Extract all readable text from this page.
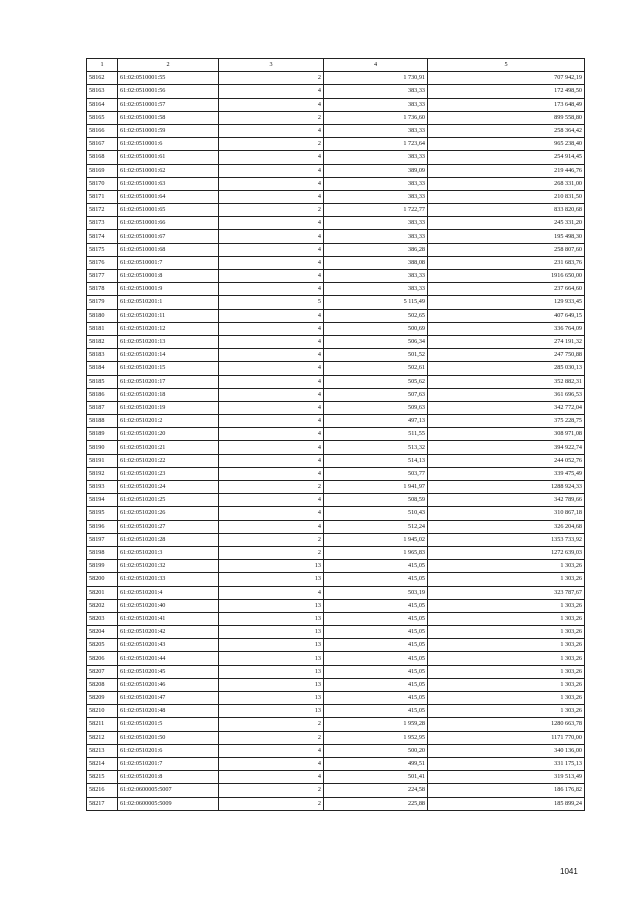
1	2	3	4	5
58162	61:02:0510001:55	2	1 730,91	707 942,19
58163	61:02:0510001:56	4	383,33	172 498,50
58164	61:02:0510001:57	4	383,33	173 648,49
58165	61:02:0510001:58	2	1 736,60	899 558,80
58166	61:02:0510001:59	4	383,33	258 364,42
58167	61:02:0510001:6	2	1 723,64	965 238,40
58168	61:02:0510001:61	4	383,33	254 914,45
58169	61:02:0510001:62	4	389,09	219 446,76
58170	61:02:0510001:63	4	383,33	268 331,00
58171	61:02:0510001:64	4	383,33	210 831,50
58172	61:02:0510001:65	2	1 722,77	833 820,68
58173	61:02:0510001:66	4	383,33	245 331,20
58174	61:02:0510001:67	4	383,33	195 498,30
58175	61:02:0510001:68	4	386,28	258 807,60
58176	61:02:0510001:7	4	388,08	231 683,76
58177	61:02:0510001:8	4	383,33	1916 650,00
58178	61:02:0510001:9	4	383,33	237 664,60
58179	61:02:0510201:1	5	5 115,49	129 933,45
58180	61:02:0510201:11	4	502,65	407 649,15
58181	61:02:0510201:12	4	500,69	336 764,09
58182	61:02:0510201:13	4	506,34	274 191,32
58183	61:02:0510201:14	4	501,52	247 750,88
58184	61:02:0510201:15	4	502,61	285 030,13
58185	61:02:0510201:17	4	505,62	352 882,31
58186	61:02:0510201:18	4	507,63	361 696,53
58187	61:02:0510201:19	4	509,63	342 772,04
58188	61:02:0510201:2	4	497,13	375 228,75
58189	61:02:0510201:20	4	511,55	308 971,08
58190	61:02:0510201:21	4	513,32	394 922,74
58191	61:02:0510201:22	4	514,13	244 052,76
58192	61:02:0510201:23	4	503,77	339 475,49
58193	61:02:0510201:24	2	1 941,97	1288 924,33
58194	61:02:0510201:25	4	508,59	342 789,66
58195	61:02:0510201:26	4	510,43	310 867,18
58196	61:02:0510201:27	4	512,24	326 204,68
58197	61:02:0510201:28	2	1 945,02	1353 733,92
58198	61:02:0510201:3	2	1 965,83	1272 639,03
58199	61:02:0510201:32	13	415,05	1 303,26
58200	61:02:0510201:33	13	415,05	1 303,26
58201	61:02:0510201:4	4	503,19	323 787,67
58202	61:02:0510201:40	13	415,05	1 303,26
58203	61:02:0510201:41	13	415,05	1 303,26
58204	61:02:0510201:42	13	415,05	1 303,26
58205	61:02:0510201:43	13	415,05	1 303,26
58206	61:02:0510201:44	13	415,05	1 303,26
58207	61:02:0510201:45	13	415,05	1 303,26
58208	61:02:0510201:46	13	415,05	1 303,26
58209	61:02:0510201:47	13	415,05	1 303,26
58210	61:02:0510201:48	13	415,05	1 303,26
58211	61:02:0510201:5	2	1 959,28	1280 663,78
58212	61:02:0510201:50	2	1 952,95	1171 770,00
58213	61:02:0510201:6	4	500,20	340 136,00
58214	61:02:0510201:7	4	499,51	331 175,13
58215	61:02:0510201:8	4	501,41	319 513,49
58216	61:02:0600005:5007	2	224,58	186 176,82
58217	61:02:0600005:5009	2	225,88	185 899,24
1041
